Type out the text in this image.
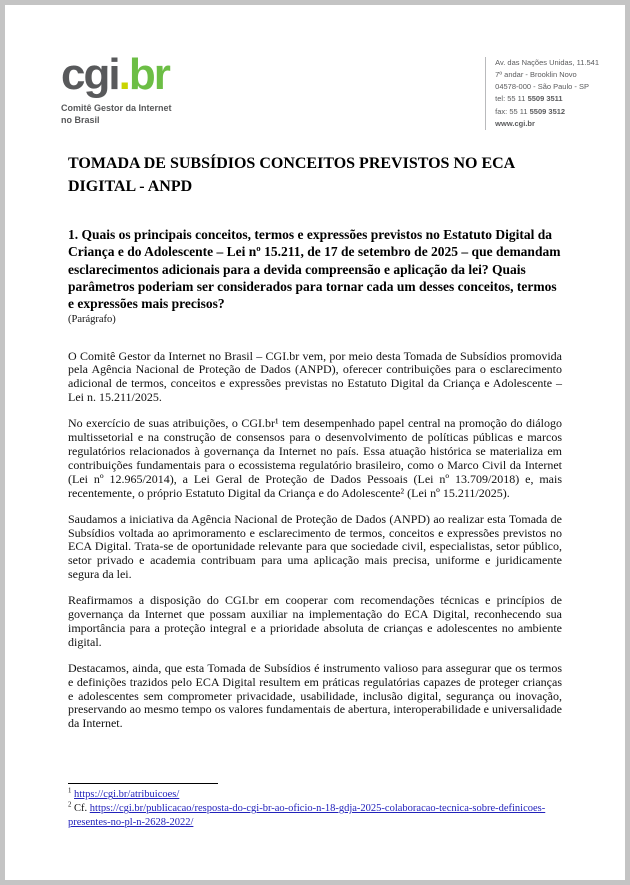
cgi.br
Comitê Gestor da Internet
no Brasil
Av. das Nações Unidas, 11.541
7º andar - Brooklin Novo
04578-000 - São Paulo - SP
tel: 55 11 5509 3511
fax: 55 11 5509 3512
www.cgi.br
TOMADA DE SUBSÍDIOS CONCEITOS PREVISTOS NO ECA DIGITAL - ANPD
1. Quais os principais conceitos, termos e expressões previstos no Estatuto Digital da Criança e do Adolescente – Lei nº 15.211, de 17 de setembro de 2025 – que demandam esclarecimentos adicionais para a devida compreensão e aplicação da lei? Quais parâmetros poderiam ser considerados para tornar cada um desses conceitos, termos e expressões mais precisos?
(Parágrafo)

O Comitê Gestor da Internet no Brasil – CGI.br vem, por meio desta Tomada de Subsídios promovida pela Agência Nacional de Proteção de Dados (ANPD), oferecer contribuições para o esclarecimento adicional de termos, conceitos e expressões previstas no Estatuto Digital da Criança e Adolescente – Lei n. 15.211/2025.

No exercício de suas atribuições, o CGI.br¹ tem desempenhado papel central na promoção do diálogo multissetorial e na construção de consensos para o desenvolvimento de políticas públicas e marcos regulatórios relacionados à governança da Internet no país. Essa atuação histórica se materializa em contribuições fundamentais para o ecossistema regulatório brasileiro, como o Marco Civil da Internet (Lei nº 12.965/2014), a Lei Geral de Proteção de Dados Pessoais (Lei nº 13.709/2018) e, mais recentemente, o próprio Estatuto Digital da Criança e do Adolescente² (Lei nº 15.211/2025).

Saudamos a iniciativa da Agência Nacional de Proteção de Dados (ANPD) ao realizar esta Tomada de Subsídios voltada ao aprimoramento e esclarecimento de termos, conceitos e expressões previstos no ECA Digital. Trata-se de oportunidade relevante para que sociedade civil, especialistas, setor público, setor privado e academia contribuam para uma aplicação mais precisa, uniforme e juridicamente segura da lei.

Reafirmamos a disposição do CGI.br em cooperar com recomendações técnicas e princípios de governança da Internet que possam auxiliar na implementação do ECA Digital, reconhecendo sua importância para a proteção integral e a prioridade absoluta de crianças e adolescentes no ambiente digital.

Destacamos, ainda, que esta Tomada de Subsídios é instrumento valioso para assegurar que os termos e definições trazidos pelo ECA Digital resultem em práticas regulatórias capazes de proteger crianças e adolescentes sem comprometer privacidade, usabilidade, inclusão digital, segurança ou inovação, preservando ao mesmo tempo os valores fundamentais de abertura, interoperabilidade e universalidade da Internet.

$^1$ https://cgi.br/atribuicoes/
$^2$ Cf. https://cgi.br/publicacao/resposta-do-cgi-br-ao-oficio-n-18-gdja-2025-colaboracao-tecnica-sobre-definicoes-presentes-no-pl-n-2628-2022/
